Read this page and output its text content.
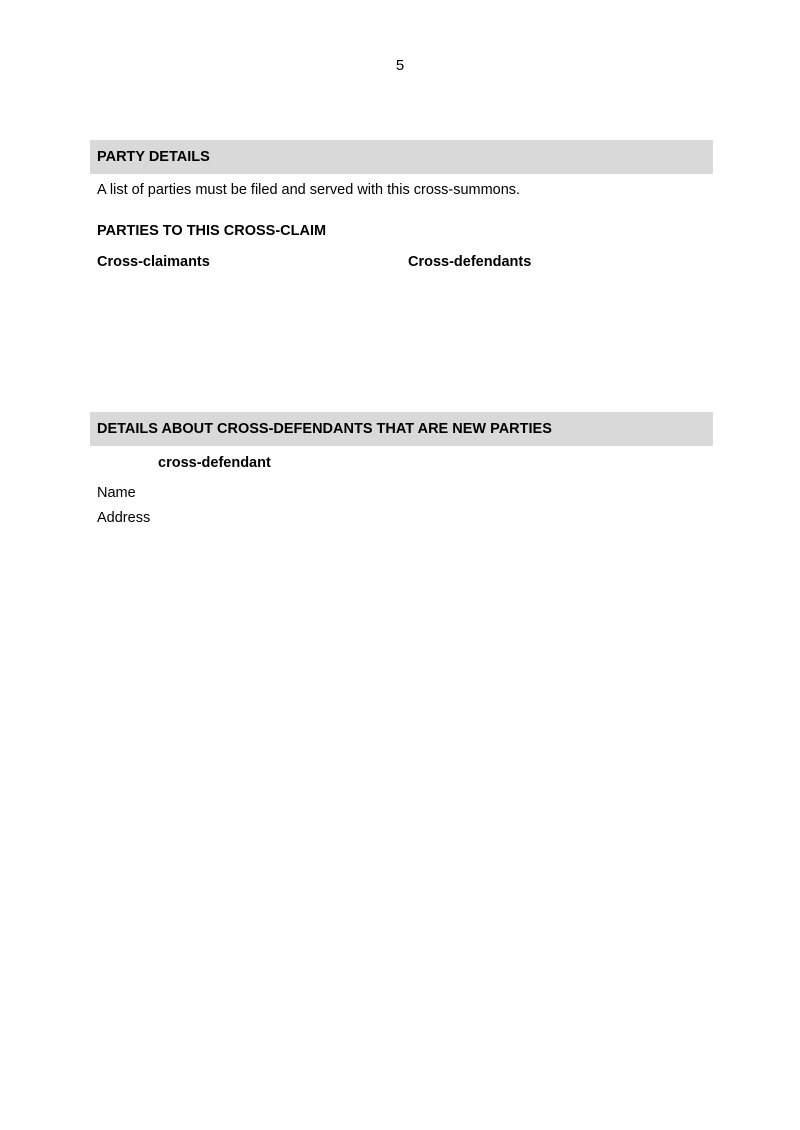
5
PARTY DETAILS
A list of parties must be filed and served with this cross-summons.
PARTIES TO THIS CROSS-CLAIM
Cross-claimants	Cross-defendants
DETAILS ABOUT CROSS-DEFENDANTS THAT ARE NEW PARTIES
cross-defendant
Name
Address
